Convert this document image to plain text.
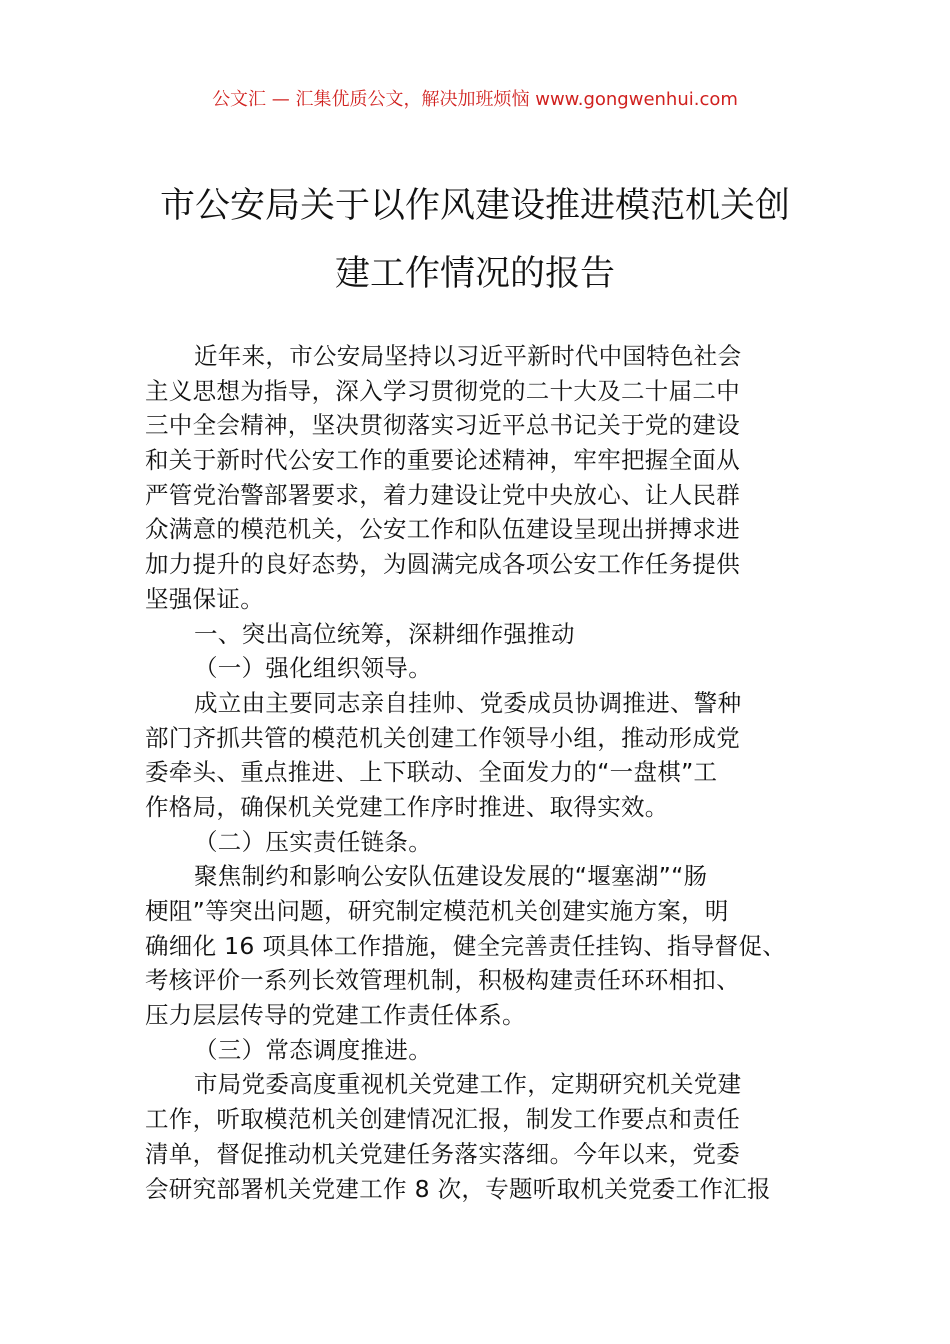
公文汇 — 汇集优质公文，解决加班烦恼 www.gongwenhui.com
市公安局关于以作风建设推进模范机关创
建工作情况的报告
近年来，市公安局坚持以习近平新时代中国特色社会
主义思想为指导，深入学习贯彻党的二十大及二十届二中
三中全会精神，坚决贯彻落实习近平总书记关于党的建设
和关于新时代公安工作的重要论述精神，牢牢把握全面从
严管党治警部署要求，着力建设让党中央放心、让人民群
众满意的模范机关，公安工作和队伍建设呈现出拼搏求进
加力提升的良好态势，为圆满完成各项公安工作任务提供
坚强保证。
一、突出高位统筹，深耕细作强推动
（一）强化组织领导。
成立由主要同志亲自挂帅、党委成员协调推进、警种
部门齐抓共管的模范机关创建工作领导小组，推动形成党
委牵头、重点推进、上下联动、全面发力的“一盘棋”工
作格局，确保机关党建工作序时推进、取得实效。
（二）压实责任链条。
聚焦制约和影响公安队伍建设发展的“堰塞湖”“肠
梗阻”等突出问题，研究制定模范机关创建实施方案，明
确细化 16 项具体工作措施，健全完善责任挂钩、指导督促、
考核评价一系列长效管理机制，积极构建责任环环相扣、
压力层层传导的党建工作责任体系。
（三）常态调度推进。
市局党委高度重视机关党建工作，定期研究机关党建
工作，听取模范机关创建情况汇报，制发工作要点和责任
清单，督促推动机关党建任务落实落细。今年以来，党委
会研究部署机关党建工作 8 次，专题听取机关党委工作汇报
